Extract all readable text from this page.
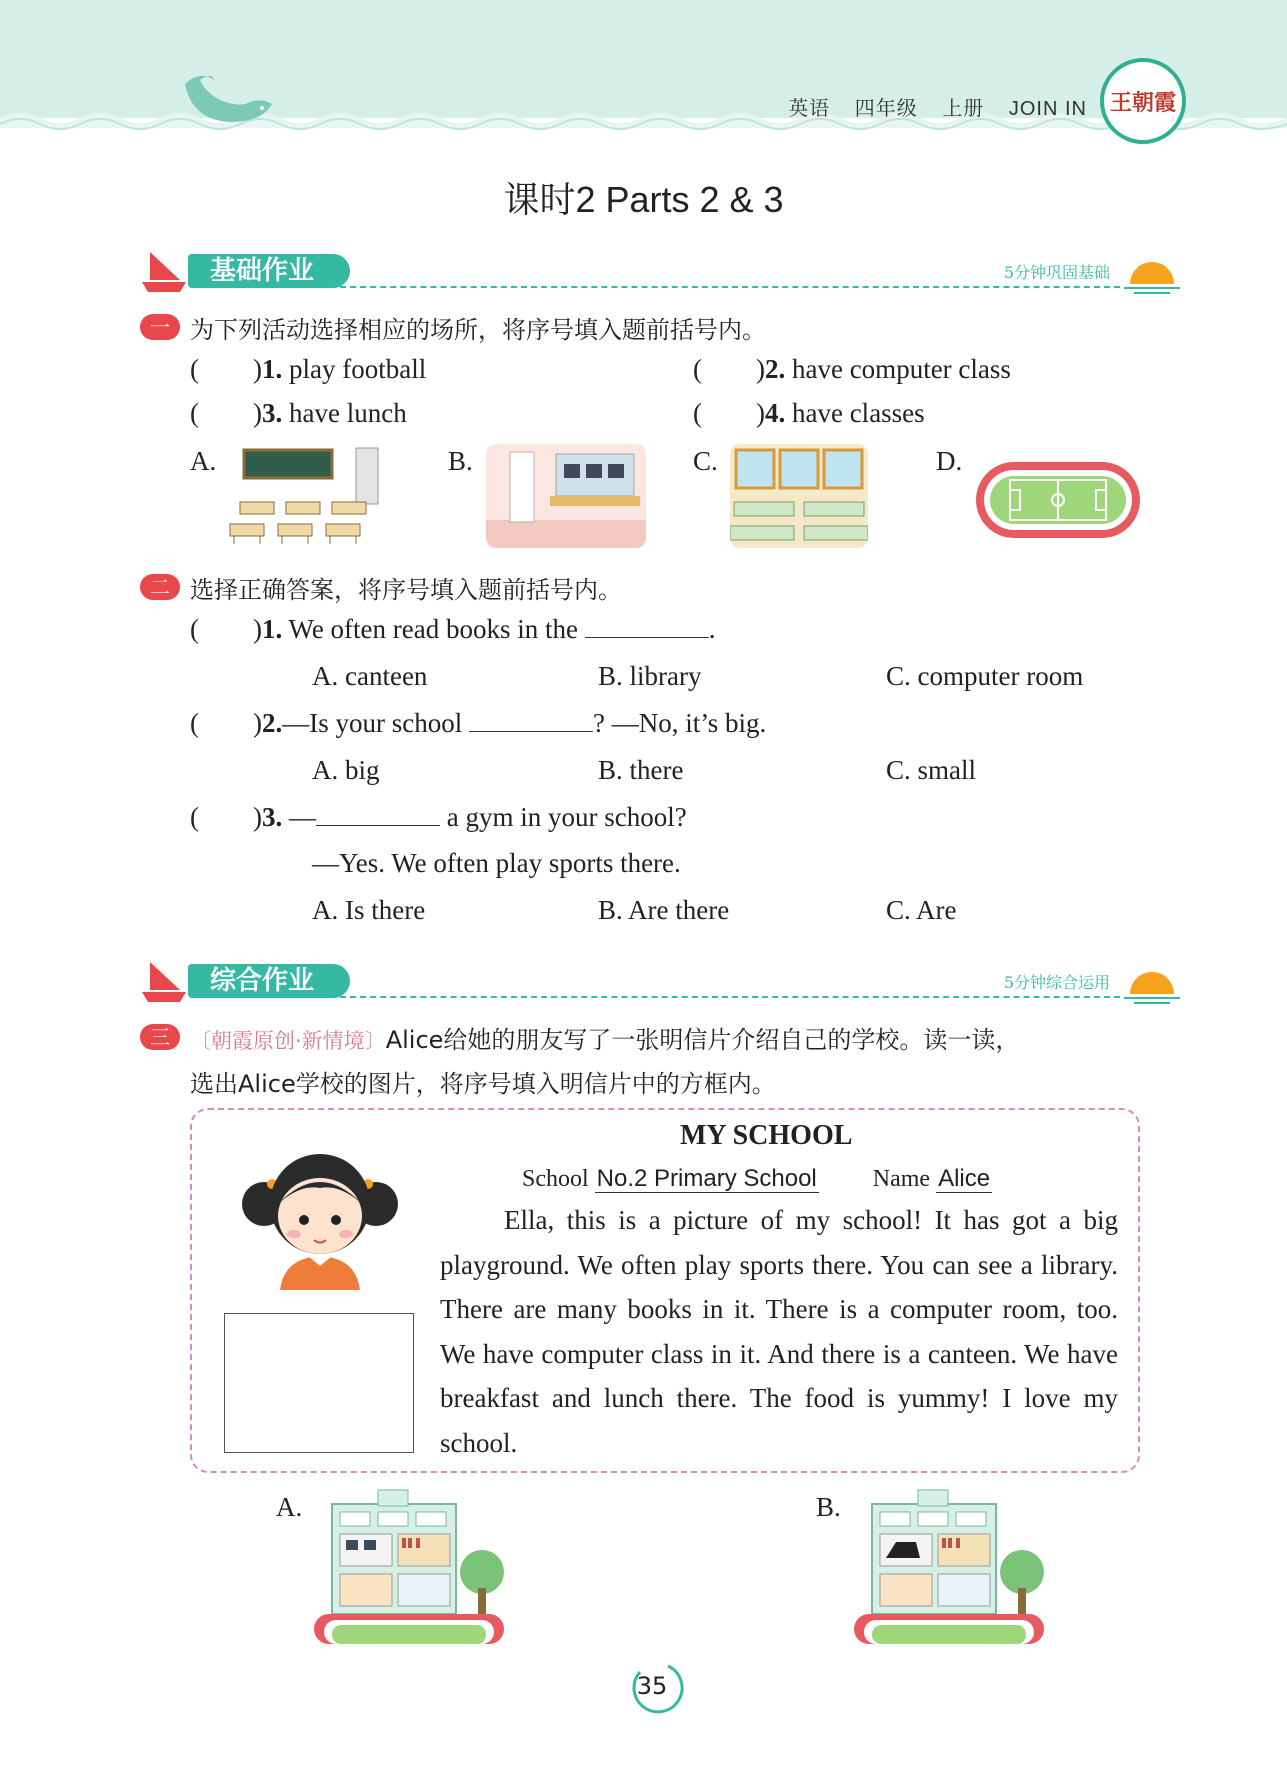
英语 四年级 上册 JOIN IN 王朝霞
课时2 Parts 2 & 3
基础作业	5分钟巩固基础
一 为下列活动选择相应的场所，将序号填入题前括号内。
(        )1. play football	(        )2. have computer class
(        )3. have lunch	(        )4. have classes
A.	B.	C.	D.
二 选择正确答案，将序号填入题前括号内。
(        )1. We often read books in the	.
A. canteen	B. library	C. computer room
(        )2.—Is your school	? —No, it’s big.
A. big	B. there	C. small
(        )3. —	a gym in your school?
—Yes. We often play sports there.
A. Is there	B. Are there	C. Are
综合作业	5分钟综合运用
三 〔朝霞原创·新情境〕Alice给她的朋友写了一张明信片介绍自己的学校。读一读，
选出Alice学校的图片，将序号填入明信片中的方框内。
MY SCHOOL
School No.2 Primary School Name Alice
Ella, this is a picture of my school! It has got a big playground. We often play sports there. You can see a library. There are many books in it. There is a computer room, too. We have computer class in it. And there is a canteen. We have breakfast and lunch there. The food is yummy! I love my school.
A.	B.
35
